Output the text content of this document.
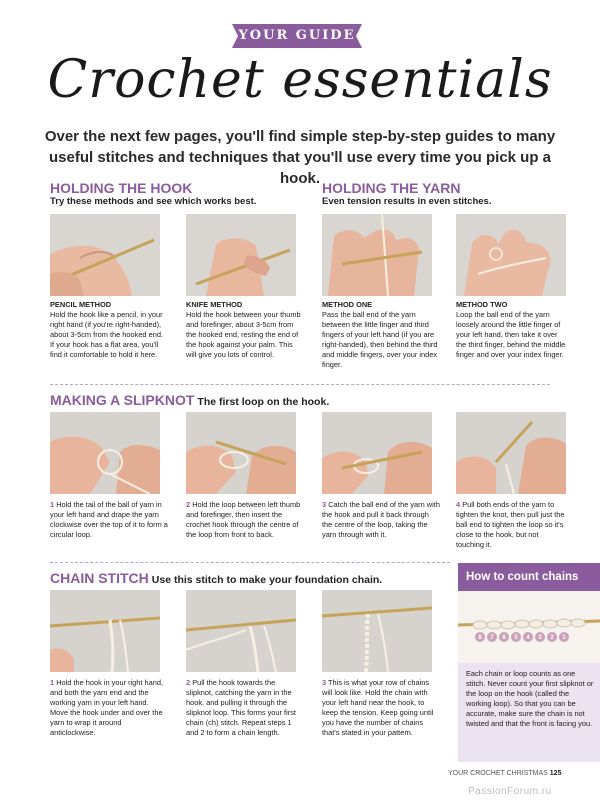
YOUR GUIDE
Crochet essentials
Over the next few pages, you'll find simple step-by-step guides to many useful stitches and techniques that you'll use every time you pick up a hook.
HOLDING THE HOOK
Try these methods and see which works best.
PENCIL METHOD
Hold the hook like a pencil, in your right hand (if you're right-handed), about 3-5cm from the hooked end. If your hook has a flat area, you'll find it comfortable to hold it here.
KNIFE METHOD
Hold the hook between your thumb and forefinger, about 3-5cm from the hooked end, resting the end of the hook against your palm. This will give you lots of control.
HOLDING THE YARN
Even tension results in even stitches.
METHOD ONE
Pass the ball end of the yarn between the little finger and third fingers of your left hand (if you are right-handed), then behind the third and middle fingers, over your index finger.
METHOD TWO
Loop the ball end of the yarn loosely around the little finger of your left hand, then take it over the third finger, behind the middle finger and over your index finger.
MAKING A SLIPKNOT The first loop on the hook.
1 Hold the tail of the ball of yarn in your left hand and drape the yarn clockwise over the top of it to form a circular loop.
2 Hold the loop between left thumb and forefinger, then insert the crochet hook through the centre of the loop from front to back.
3 Catch the ball end of the yarn with the hook and pull it back through the centre of the loop, taking the yarn through with it.
4 Pull both ends of the yarn to tighten the knot, then pull just the ball end to tighten the loop so it's close to the hook, but not touching it.
CHAIN STITCH Use this stitch to make your foundation chain.
1 Hold the hook in your right hand, and both the yarn end and the working yarn in your left hand. Move the hook under and over the yarn to wrap it around anticlockwise.
2 Pull the hook towards the slipknot, catching the yarn in the hook, and pulling it through the slipknot loop. This forms your first chain (ch) stitch. Repeat steps 1 and 2 to form a chain length.
3 This is what your row of chains will look like. Hold the chain with your left hand near the hook, to keep the tension. Keep going until you have the number of chains that's stated in your pattern.
How to count chains
8 7 6 5 4 3 2 1
Each chain or loop counts as one stitch. Never count your first slipknot or the loop on the hook (called the working loop). So that you can be accurate, make sure the chain is not twisted and that the front is facing you.
YOUR CROCHET CHRISTMAS 125
PassionForum.ru
